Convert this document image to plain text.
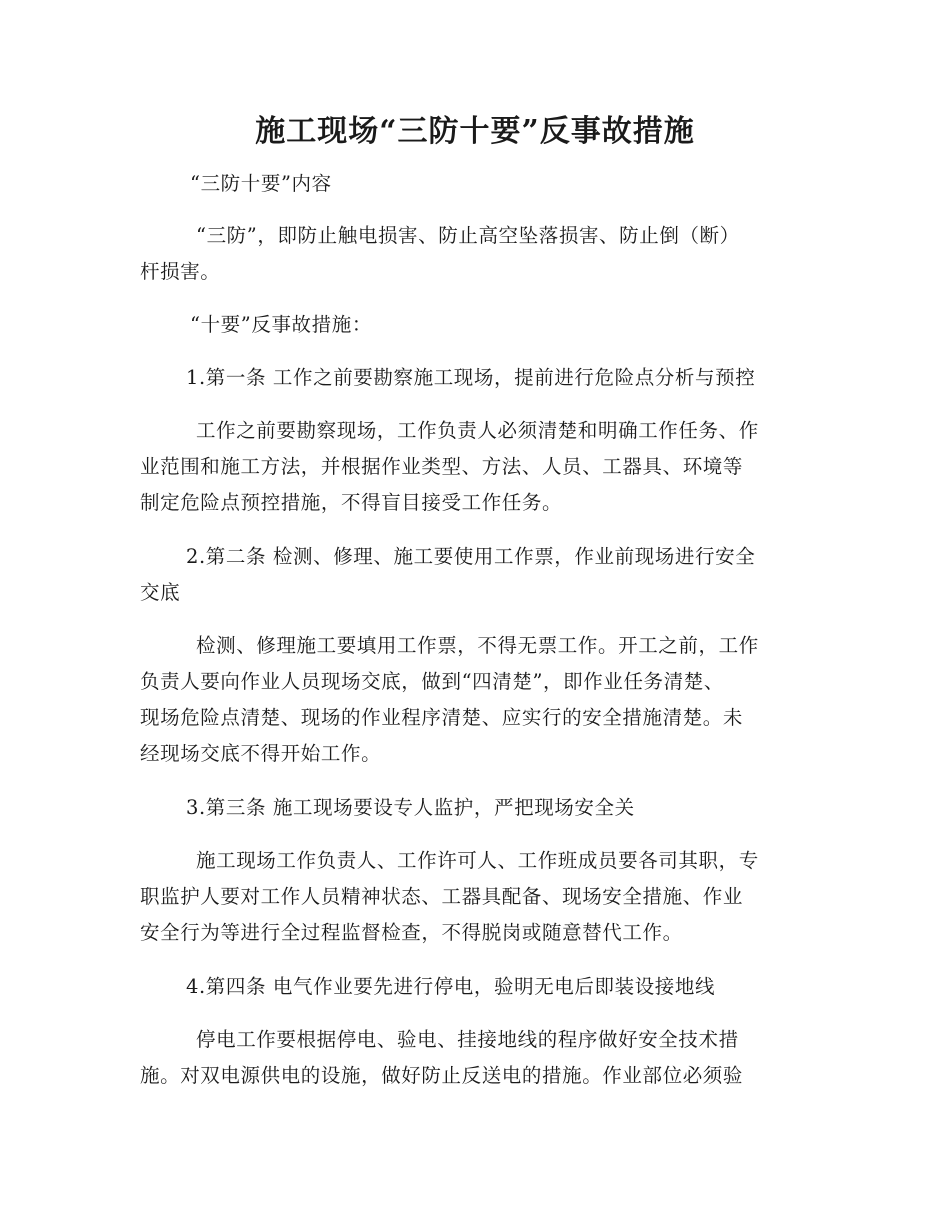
施工现场“三防十要”反事故措施
“三防十要”内容
“三防”，即防止触电损害、防止高空坠落损害、防止倒（断）
杆损害。
“十要”反事故措施：
1.第一条 工作之前要勘察施工现场，提前进行危险点分析与预控
工作之前要勘察现场，工作负责人必须清楚和明确工作任务、作
业范围和施工方法，并根据作业类型、方法、人员、工器具、环境等
制定危险点预控措施，不得盲目接受工作任务。
2.第二条 检测、修理、施工要使用工作票，作业前现场进行安全
交底
检测、修理施工要填用工作票，不得无票工作。开工之前，工作
负责人要向作业人员现场交底，做到“四清楚”，即作业任务清楚、
现场危险点清楚、现场的作业程序清楚、应实行的安全措施清楚。未
经现场交底不得开始工作。
3.第三条 施工现场要设专人监护，严把现场安全关
施工现场工作负责人、工作许可人、工作班成员要各司其职，专
职监护人要对工作人员精神状态、工器具配备、现场安全措施、作业
安全行为等进行全过程监督检查，不得脱岗或随意替代工作。
4.第四条 电气作业要先进行停电，验明无电后即装设接地线
停电工作要根据停电、验电、挂接地线的程序做好安全技术措
施。对双电源供电的设施，做好防止反送电的措施。作业部位必须验
